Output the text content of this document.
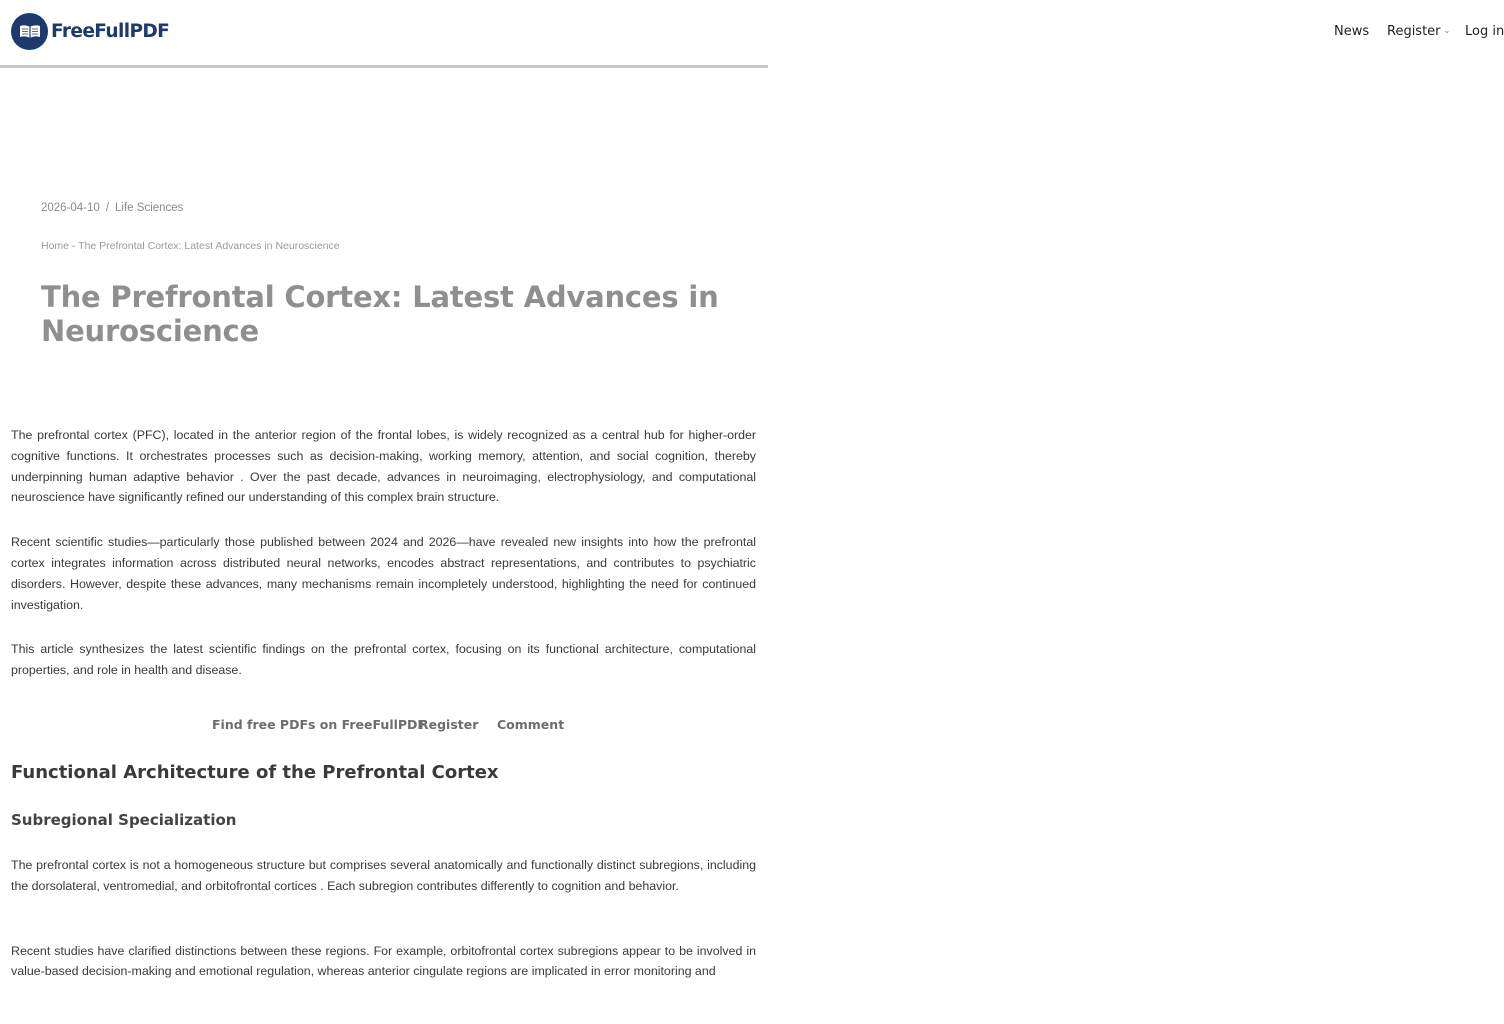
FreeFullPDF	News Register ⌄ Log in
2026-04-10 / Life Sciences
Home - The Prefrontal Cortex: Latest Advances in Neuroscience
The Prefrontal Cortex: Latest Advances in Neuroscience

The prefrontal cortex (PFC), located in the anterior region of the frontal lobes, is widely recognized as a central hub for higher-order cognitive functions. It orchestrates processes such as decision-making, working memory, attention, and social cognition, thereby underpinning human adaptive behavior . Over the past decade, advances in neuroimaging, electrophysiology, and computational neuroscience have significantly refined our understanding of this complex brain structure.

Recent scientific studies—particularly those published between 2024 and 2026—have revealed new insights into how the prefrontal cortex integrates information across distributed neural networks, encodes abstract representations, and contributes to psychiatric disorders. However, despite these advances, many mechanisms remain incompletely understood, highlighting the need for continued investigation.

This article synthesizes the latest scientific findings on the prefrontal cortex, focusing on its functional architecture, computational properties, and role in health and disease.

Find free PDFs on FreeFullPDF
Register Comment
Functional Architecture of the Prefrontal Cortex
Subregional Specialization

The prefrontal cortex is not a homogeneous structure but comprises several anatomically and functionally distinct subregions, including the dorsolateral, ventromedial, and orbitofrontal cortices . Each subregion contributes differently to cognition and behavior.

Recent studies have clarified distinctions between these regions. For example, orbitofrontal cortex subregions appear to be involved in value-based decision-making and emotional regulation, whereas anterior cingulate regions are implicated in error monitoring and
